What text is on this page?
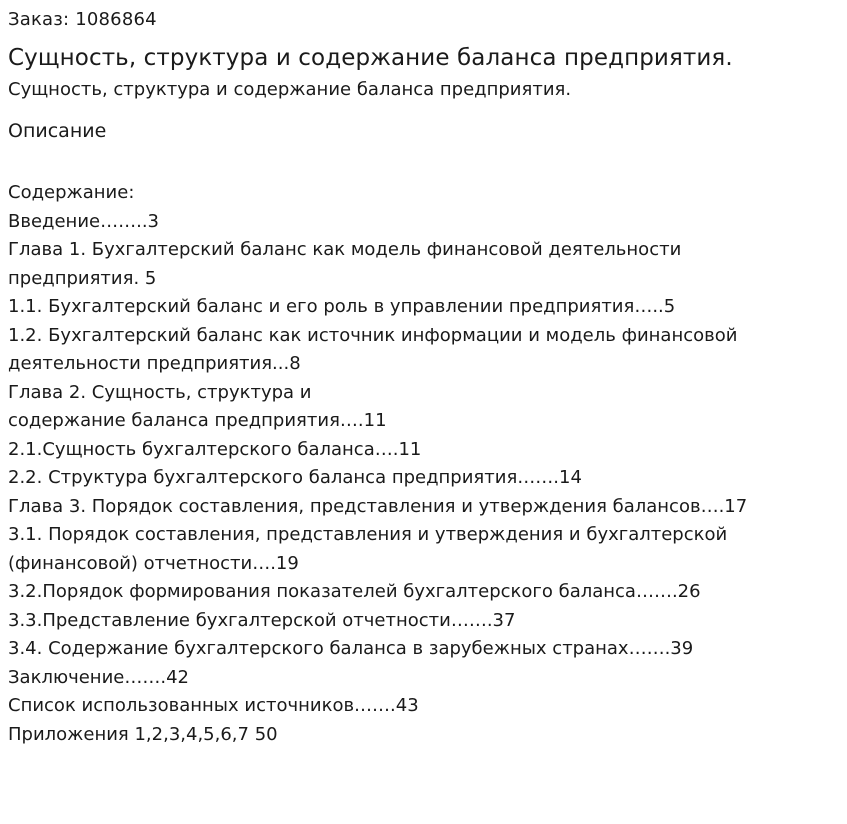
Заказ: 1086864

Сущность, структура и содержание баланса предприятия.

Сущность, структура и содержание баланса предприятия.

Описание
Содержание:
Введение……..3
Глава 1. Бухгалтерский баланс как модель финансовой деятельности
предприятия. 5
1.1. Бухгалтерский баланс и его роль в управлении предприятия…..5
1.2. Бухгалтерский баланс как источник информации и модель финансовой
деятельности предприятия...8
Глава 2. Сущность, структура и
содержание баланса предприятия….11
2.1.Сущность бухгалтерского баланса….11
2.2. Структура бухгалтерского баланса предприятия…….14
Глава 3. Порядок составления, представления и утверждения балансов….17
3.1. Порядок составления, представления и утверждения и бухгалтерской
(финансовой) отчетности….19
3.2.Порядок формирования показателей бухгалтерского баланса…….26
3.3.Представление бухгалтерской отчетности…….37
3.4. Содержание бухгалтерского баланса в зарубежных странах…….39
Заключение…….42
Список использованных источников…….43
Приложения 1,2,3,4,5,6,7 50
